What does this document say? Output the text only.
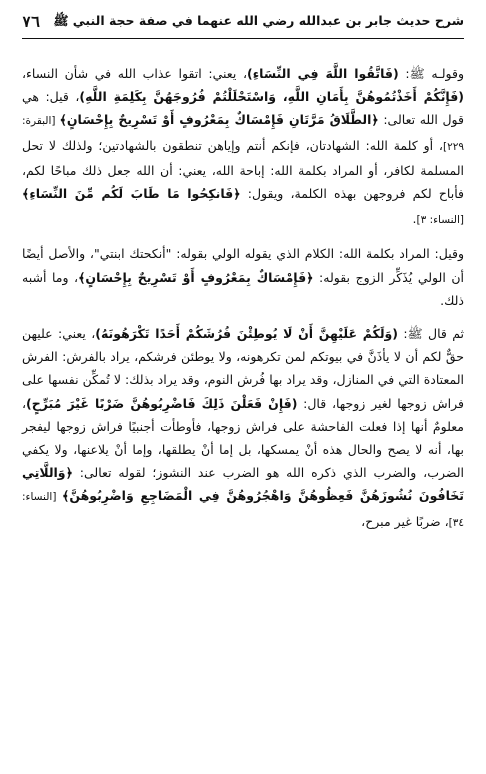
شرح حديث جابر بن عبدالله رضي الله عنهما في صفة حجة النبي ﷺ
٧٦

وقولـه ﷺ: (فَاتَّقُوا اللَّهَ فِي النِّسَاءِ)، يعني: اتقوا عذاب الله في شأن النساء، (فَإِنَّكُمْ أَخَذْتُمُوهُنَّ بِأَمَانِ اللَّهِ، وَاسْتَحْلَلْتُمْ فُرُوجَهُنَّ بِكَلِمَةِ اللَّهِ)، قيل: هي قول الله تعالى: ﴿الطَّلَاقُ مَرَّتَانِ فَإِمْسَاكٌ بِمَعْرُوفٍ أَوْ تَسْرِيحٌ بِإِحْسَانٍ﴾ [البقرة: ٢٢٩]، أو كلمة الله: الشهادتان، فإنكم أنتم وإياهن تنطقون بالشهادتين؛ ولذلك لا تحل المسلمة لكافر، أو المراد بكلمة الله: إباحة الله، يعني: أن الله جعل ذلك مباحًا لكم، فأباح لكم فروجهن بهذه الكلمة، ويقول: ﴿فَانكِحُوا مَا طَابَ لَكُم مِّنَ النِّسَاءِ﴾ [النساء: ٣].

وقيل: المراد بكلمة الله: الكلام الذي يقوله الولي بقوله: "أنكحتك ابنتي"، والأصل أيضًا أن الولي يُذَكِّر الزوج بقوله: ﴿فَإِمْسَاكٌ بِمَعْرُوفٍ أَوْ تَسْرِيحٌ بِإِحْسَانٍ﴾، وما أشبه ذلك.

ثم قال ﷺ: (وَلَكُمْ عَلَيْهِنَّ أَنْ لَا يُوطِئْنَ فُرُشَكُمْ أَحَدًا تَكْرَهُونَهُ)، يعني: عليهن حقٌّ لكم أن لا يأذَنَّ في بيوتكم لمن تكرهونه، ولا يوطئن فرشكم، يراد بالفرش: الفرش المعتادة التي في المنازل، وقد يراد بها فُرش النوم، وقد يراد بذلك: لا تُمكِّن نفسها على فراش زوجها لغير زوجها، قال: (فَإِنْ فَعَلْنَ ذَلِكَ فَاضْرِبُوهُنَّ ضَرْبًا غَيْرَ مُبَرِّحٍ)، معلومٌ أنها إذا فعلت الفاحشة على فراش زوجها، فأوطأت أجنبيًا فراش زوجها ليفجر بها، أنه لا يصح والحال هذه أنْ يمسكها، بل إما أنْ يطلقها، وإما أنْ يلاعنها، ولا يكفي الضرب، والضرب الذي ذكره الله هو الضرب عند النشوز؛ لقوله تعالى: ﴿وَاللَّاتِي تَخَافُونَ نُشُوزَهُنَّ فَعِظُوهُنَّ وَاهْجُرُوهُنَّ فِي الْمَضَاجِعِ وَاضْرِبُوهُنَّ﴾ [النساء: ٣٤]، ضربًا غير مبرح،
